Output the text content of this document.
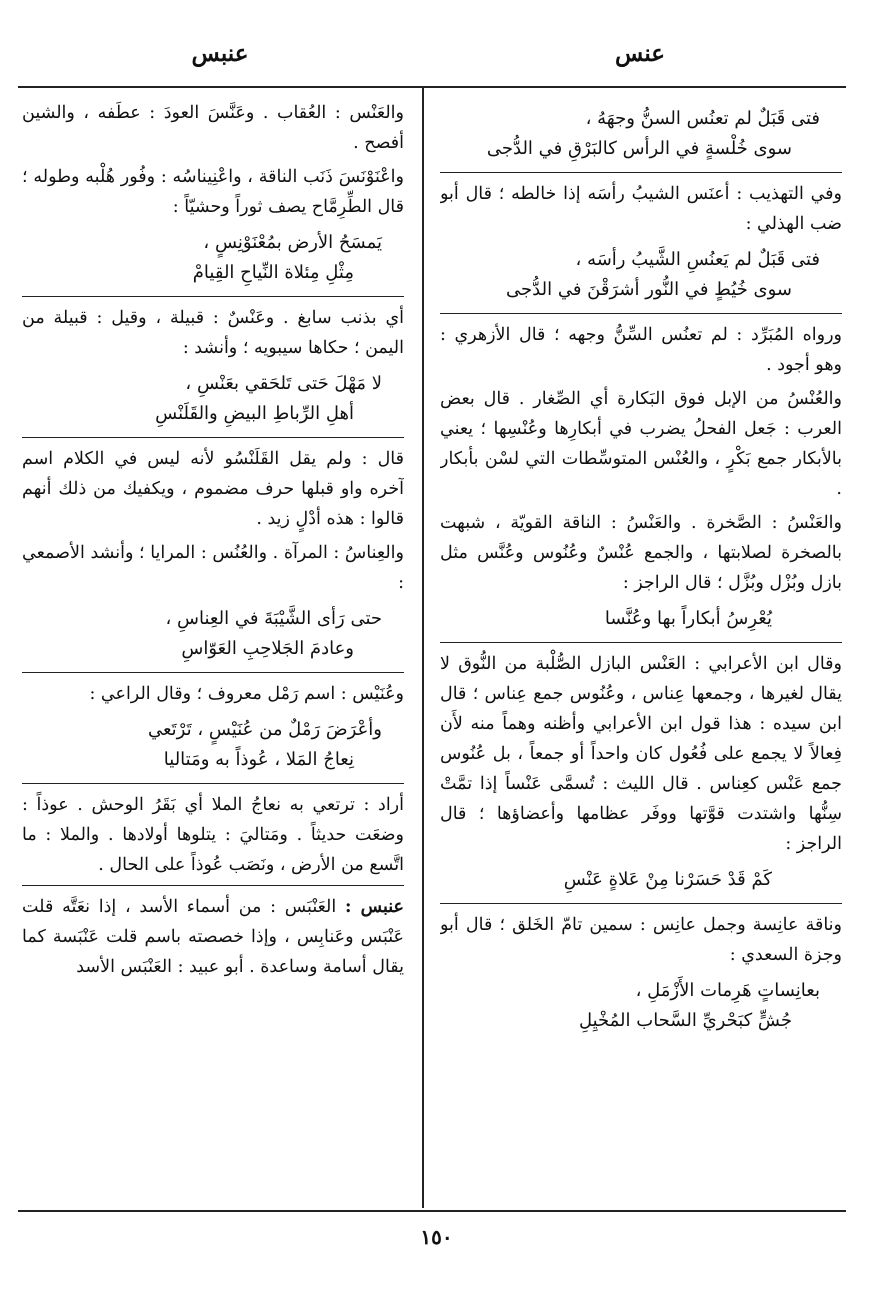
عنس
عنبس
فتى قَبَلٌ لم تعنُس السنُّ وجهَهُ ،
سوى خُلْسةٍ في الرأس كالبَرْقِ في الدُّجى
وفي التهذيب : أعنَس الشيبُ رأسَه إذا خالطه ؛ قال أبو ضب الهذلي :
فتى قَبَلٌ لم يَعنُسِ الشَّيبُ رأسَه ،
سوى خُيُطٍ في النُّور أشرَقْنَ في الدُّجى
ورواه المُبَرِّد : لم تعنُس السِّنُّ وجهه ؛ قال الأزهري : وهو أجود .
والعُنْسُ من الإبل فوق البَكارة أي الصِّغار . قال بعض العرب : جَعل الفحلُ يضرب في أبكارِها وعُنْسِها ؛ يعني بالأبكار جمع بَكْرٍ ، والعُنْس المتوسِّطات التي لسْن بأبكار .
والعَنْسُ : الصَّخرة . والعَنْسُ : الناقة القويّة ، شبهت بالصخرة لصلابتها ، والجمع عُنْسٌ وعُنُوس وعُنَّس مثل بازل وبُزْل وبُزَّل ؛ قال الراجز :
يُعْرِسُ أبكاراً بها وعُنَّسا
وقال ابن الأعرابي : العَنْس البازل الصُّلْبة من النُّوق لا يقال لغيرها ، وجمعها عِناس ، وعُنُوس جمع عِناس ؛ قال ابن سيده : هذا قول ابن الأعرابي وأظنه وهماً منه لأَن فِعالاً لا يجمع على فُعُول كان واحداً أو جمعاً ، بل عُنُوس جمع عَنْس كعِناس . قال الليث : تُسمَّى عَنْساً إذا تمَّتْ سِنُّها واشتدت قوَّتها ووفَر عظامها وأعضاؤها ؛ قال الراجز :
كَمْ قَدْ حَسَرْنا مِنْ عَلاةٍ عَنْسِ
وناقة عانِسة وجمل عانِس : سمين تامّ الخَلق ؛ قال أبو وجزة السعدي :
بعانِساتٍ هَرِمات الأَزْمَلِ ،
جُشٍّ كبَحْريِّ السَّحاب المُخْيِلِ
والعَنْس : العُقاب . وعَنَّسَ العودَ : عطَفه ، والشين أفصح .
واعْنَوْنَسَ ذَنَب الناقة ، واعْنِيناسُه : وفُور هُلْبه وطوله ؛ قال الطِّرِمَّاح يصف ثوراً وحشيّاً :
يَمسَحُ الأرض بمُعْنَوْنِسٍ ،
مِثْلِ مِئلاة النِّياحِ القِيامْ
أي بذنب سابغ . وعَنْسٌ : قبيلة ، وقيل : قبيلة من اليمن ؛ حكاها سيبويه ؛ وأنشد :
لا مَهْلَ حَتى تَلحَقي بعَنْسِ ،
أهلِ الرِّباطِ البيضِ والقَلَنْسِ
قال : ولم يقل القَلَنْسُو لأنه ليس في الكلام اسم آخره واو قبلها حرف مضموم ، ويكفيك من ذلك أنهم قالوا : هذه أدْلٍ زيد .
والعِناسُ : المرآة . والعُنُس : المرايا ؛ وأنشد الأصمعي :
حتى رَأى الشَّيْبَةَ في العِناسِ ،
وعادمَ الجَلاحِبِ العَوّاسِ
وعُنَيْس : اسم رَمْل معروف ؛ وقال الراعي :
وأعْرَضَ رَمْلٌ من عُنَيْسٍ ، تَرْتَعي
نِعاجُ المَلا ، عُوذاً به ومَتاليا
أراد : ترتعي به نعاجُ الملا أي بَقَرُ الوحش . عوذاً : وضعَت حديثاً . ومَتاليَ : يتلوها أولادها . والملا : ما اتَّسع من الأرض ، ونَصَب عُوذاً على الحال .
عنبس : العَنْبَس : من أسماء الأسد ، إذا نعَتَّه قلت عَنْبَس وعَنابِس ، وإذا خصصته باسم قلت عَنْبَسة كما يقال أسامة وساعدة . أبو عبيد : العَنْبَس الأسد
١٥٠
